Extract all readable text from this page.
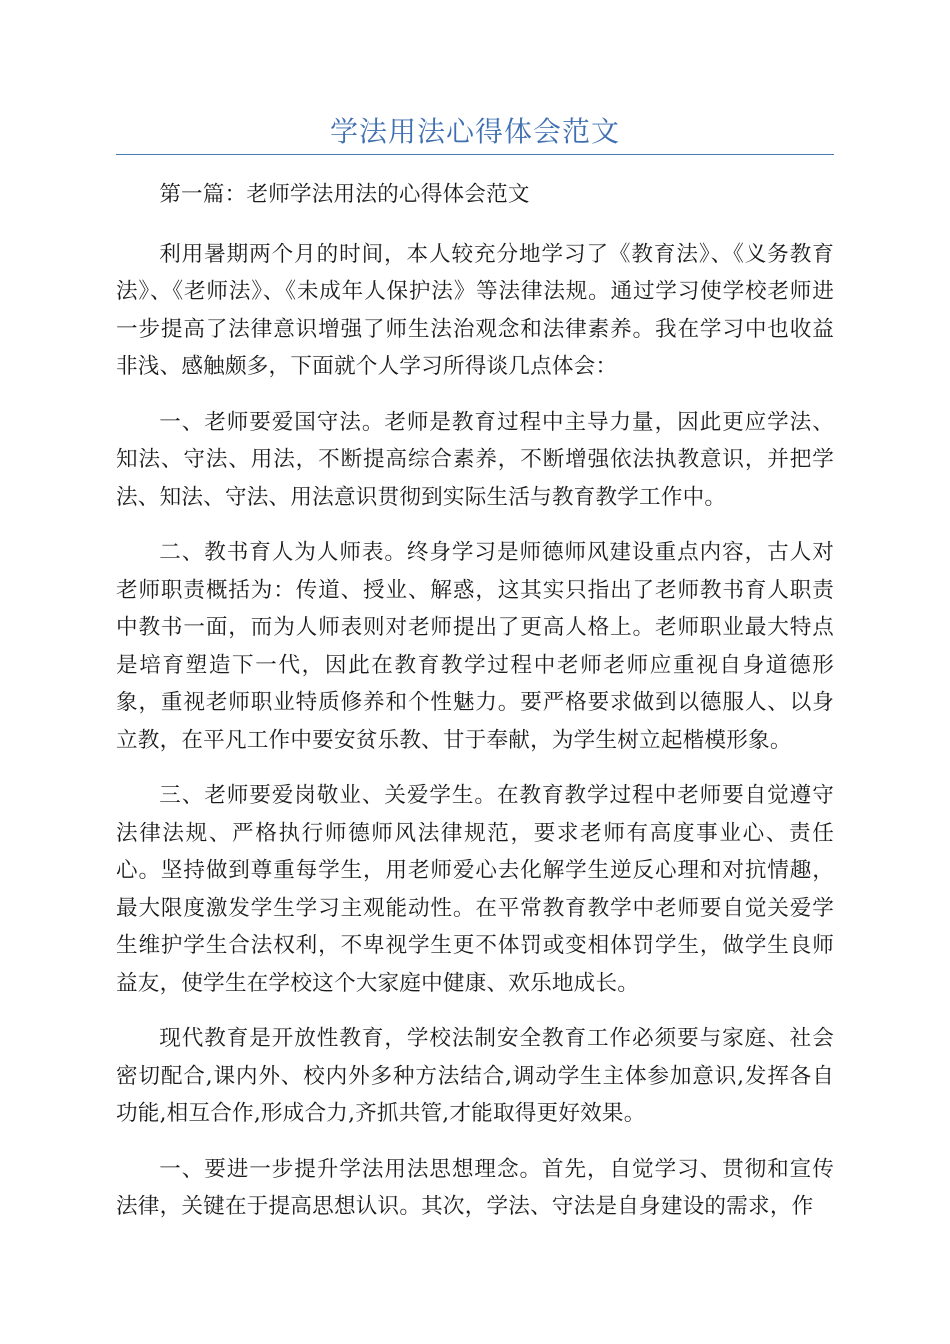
学法用法心得体会范文

第一篇：老师学法用法的心得体会范文

利用暑期两个月的时间，本人较充分地学习了《教育法》、《义务教育法》、《老师法》、《未成年人保护法》等法律法规。通过学习使学校老师进一步提高了法律意识增强了师生法治观念和法律素养。我在学习中也收益非浅、感触颇多，下面就个人学习所得谈几点体会：

一、老师要爱国守法。老师是教育过程中主导力量，因此更应学法、知法、守法、用法，不断提高综合素养，不断增强依法执教意识，并把学法、知法、守法、用法意识贯彻到实际生活与教育教学工作中。

二、教书育人为人师表。终身学习是师德师风建设重点内容，古人对老师职责概括为：传道、授业、解惑，这其实只指出了老师教书育人职责中教书一面，而为人师表则对老师提出了更高人格上。老师职业最大特点是培育塑造下一代，因此在教育教学过程中老师老师应重视自身道德形象，重视老师职业特质修养和个性魅力。要严格要求做到以德服人、以身立教，在平凡工作中要安贫乐教、甘于奉献，为学生树立起楷模形象。

三、老师要爱岗敬业、关爱学生。在教育教学过程中老师要自觉遵守法律法规、严格执行师德师风法律规范，要求老师有高度事业心、责任心。坚持做到尊重每学生，用老师爱心去化解学生逆反心理和对抗情趣，最大限度激发学生学习主观能动性。在平常教育教学中老师要自觉关爱学生维护学生合法权利，不卑视学生更不体罚或变相体罚学生，做学生良师益友，使学生在学校这个大家庭中健康、欢乐地成长。

现代教育是开放性教育，学校法制安全教育工作必须要与家庭、社会密切配合,课内外、校内外多种方法结合,调动学生主体参加意识,发挥各自功能,相互合作,形成合力,齐抓共管,才能取得更好效果。

一、要进一步提升学法用法思想理念。首先，自觉学习、贯彻和宣传法律，关键在于提高思想认识。其次，学法、守法是自身建设的需求，作
